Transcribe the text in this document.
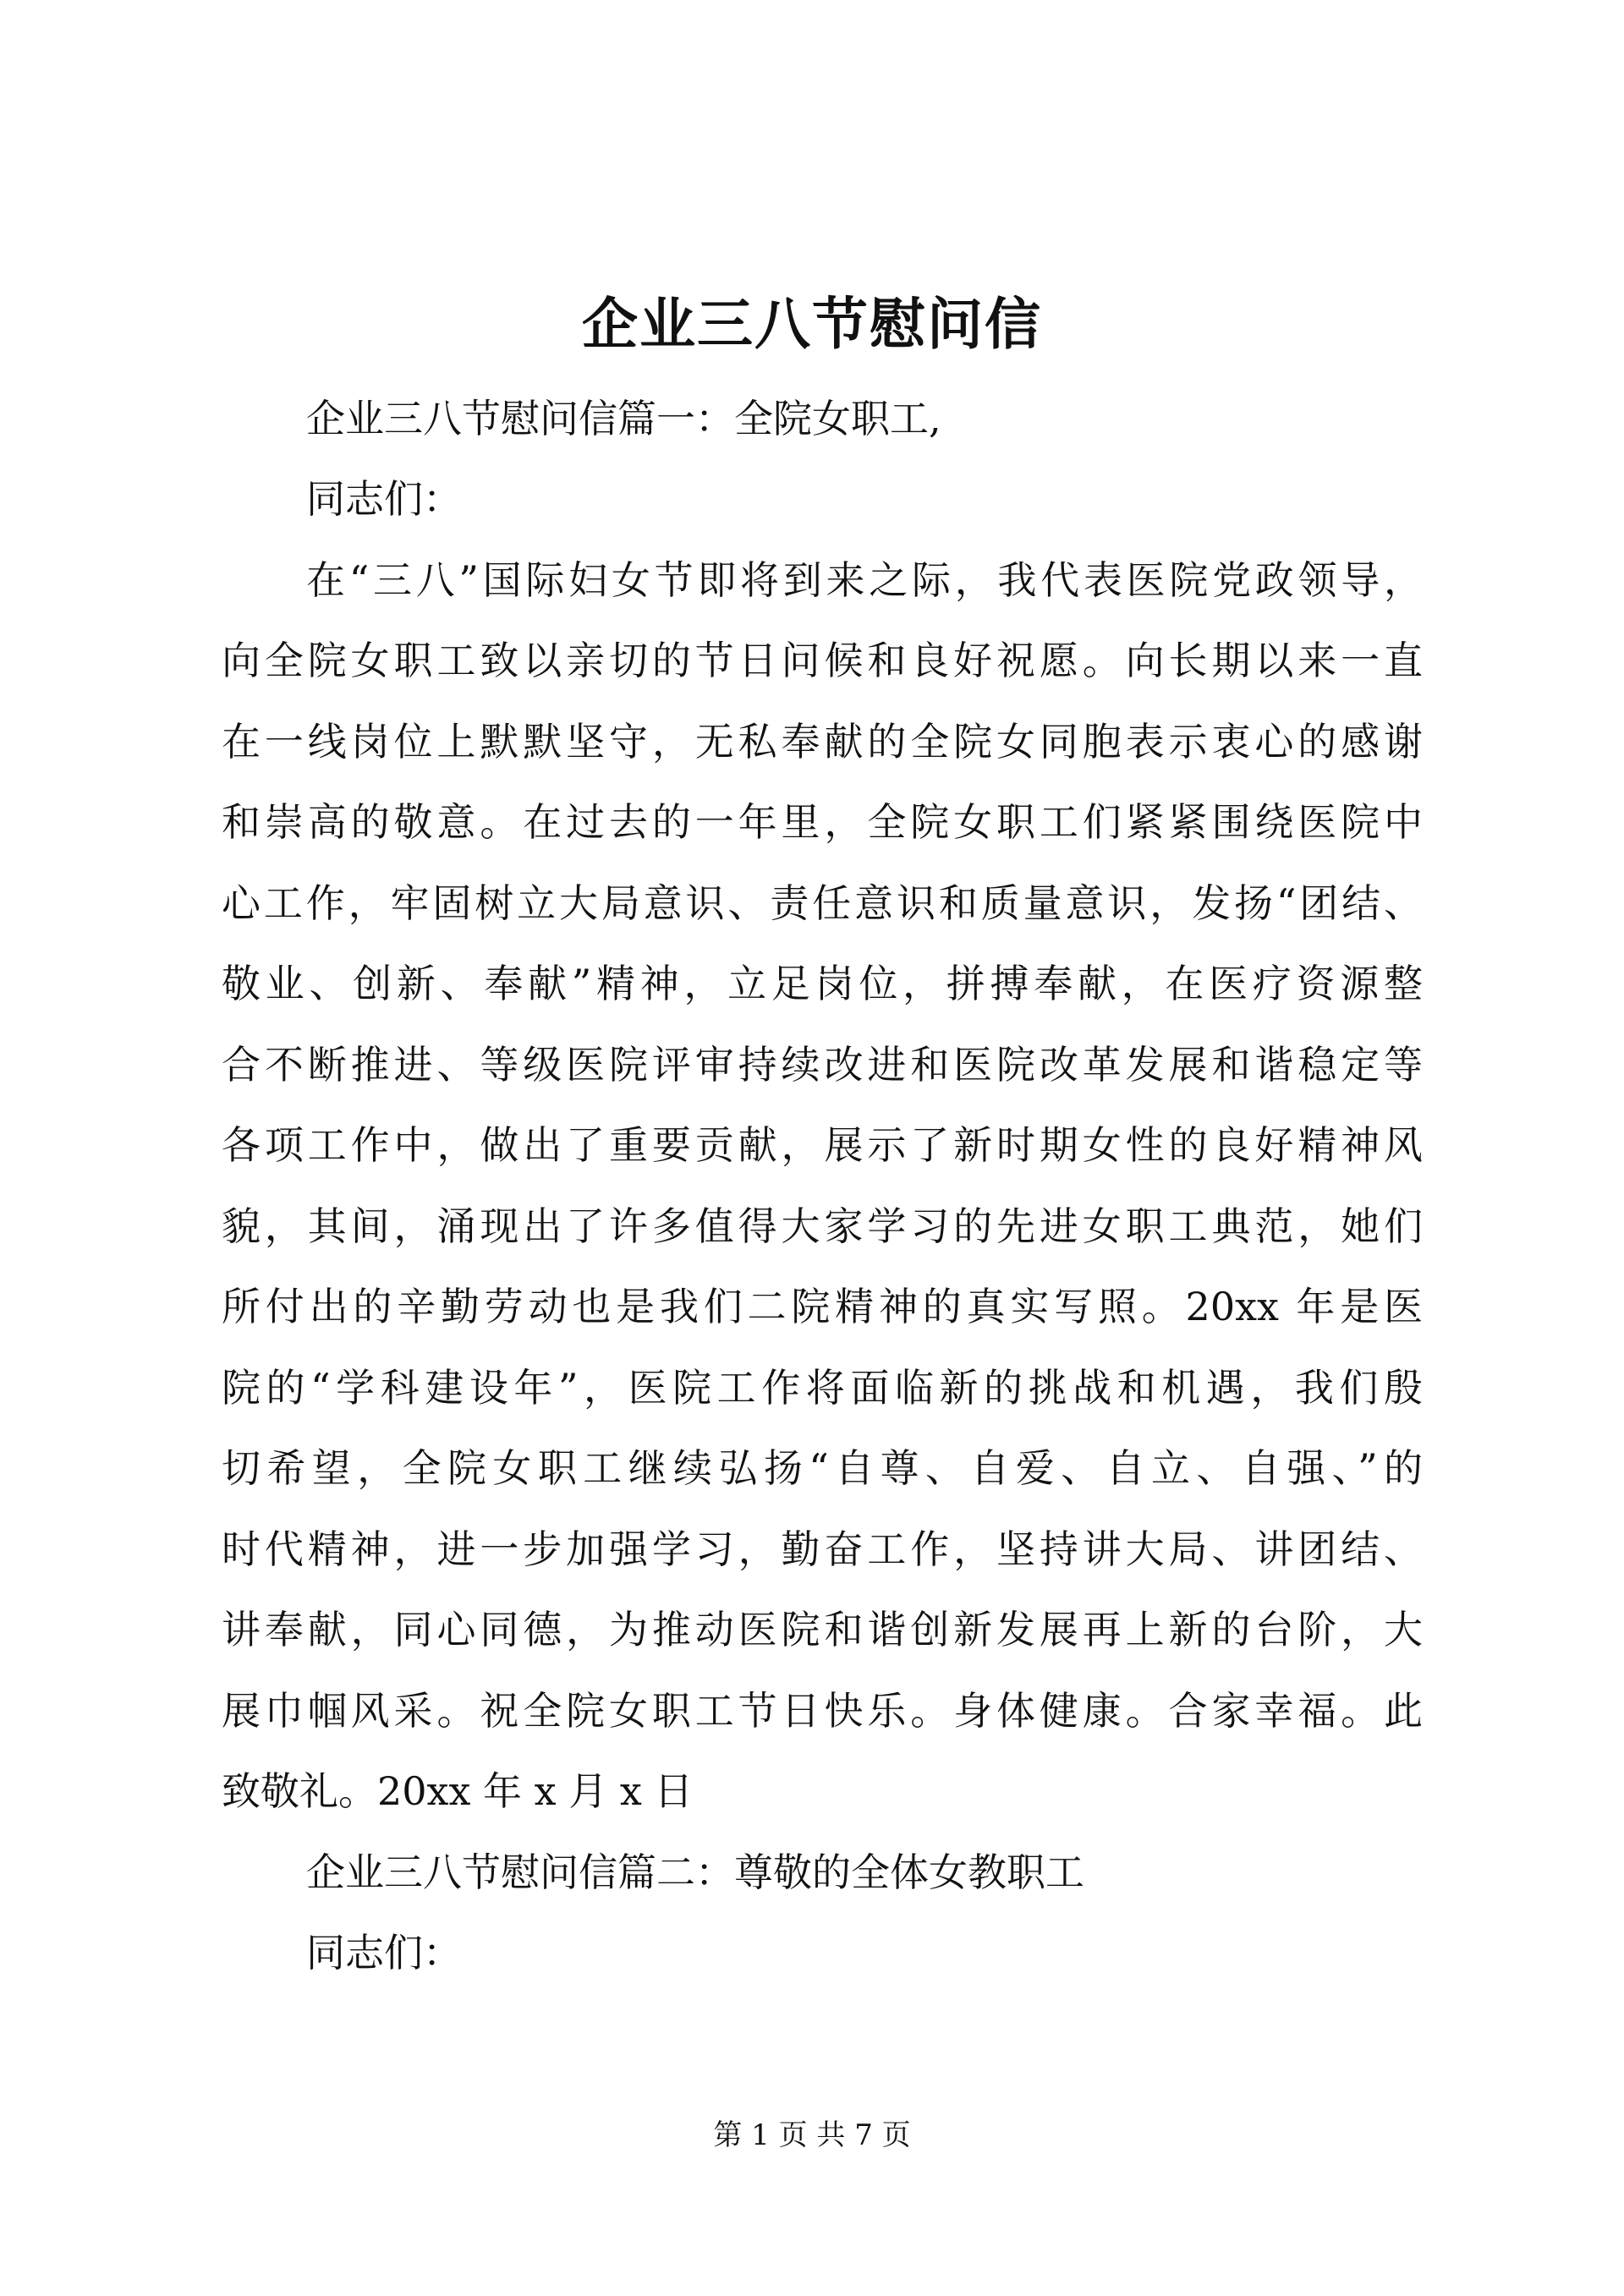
企业三八节慰问信
企业三八节慰问信篇一：全院女职工,
同志们：
在“三八”国际妇女节即将到来之际，我代表医院党政领导，
向全院女职工致以亲切的节日问候和良好祝愿。向长期以来一直
在一线岗位上默默坚守，无私奉献的全院女同胞表示衷心的感谢
和崇高的敬意。在过去的一年里，全院女职工们紧紧围绕医院中
心工作，牢固树立大局意识、责任意识和质量意识，发扬“团结、
敬业、创新、奉献”精神，立足岗位，拼搏奉献，在医疗资源整
合不断推进、等级医院评审持续改进和医院改革发展和谐稳定等
各项工作中，做出了重要贡献，展示了新时期女性的良好精神风
貌，其间，涌现出了许多值得大家学习的先进女职工典范，她们
所付出的辛勤劳动也是我们二院精神的真实写照。20xx 年是医
院的“学科建设年”，医院工作将面临新的挑战和机遇，我们殷
切希望，全院女职工继续弘扬“自尊、自爱、自立、自强、”的
时代精神，进一步加强学习，勤奋工作，坚持讲大局、讲团结、
讲奉献，同心同德，为推动医院和谐创新发展再上新的台阶，大
展巾帼风采。祝全院女职工节日快乐。身体健康。合家幸福。此
致敬礼。20xx 年 x 月 x 日
企业三八节慰问信篇二：尊敬的全体女教职工
同志们：
第 1 页 共 7 页
